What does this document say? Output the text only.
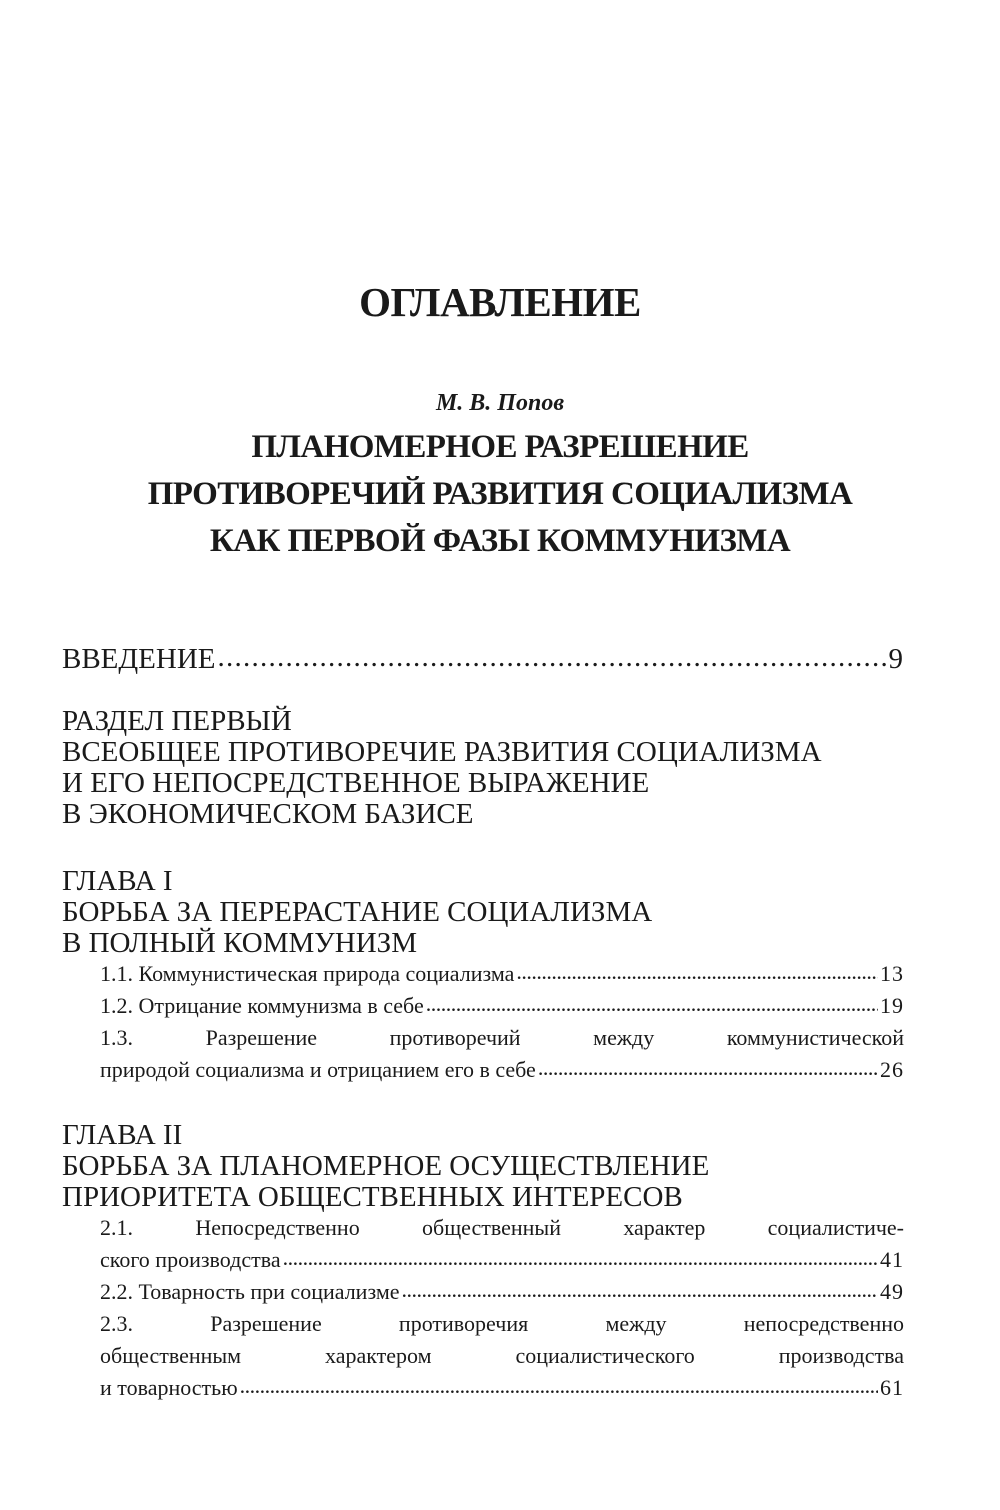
ОГЛАВЛЕНИЕ
М. В. Попов
ПЛАНОМЕРНОЕ РАЗРЕШЕНИЕ
ПРОТИВОРЕЧИЙ РАЗВИТИЯ СОЦИАЛИЗМА
КАК ПЕРВОЙ ФАЗЫ КОММУНИЗМА
ВВЕДЕНИЕ . . .	9
РАЗДЕЛ ПЕРВЫЙ
ВСЕОБЩЕЕ ПРОТИВОРЕЧИЕ РАЗВИТИЯ СОЦИАЛИЗМА
И ЕГО НЕПОСРЕДСТВЕННОЕ ВЫРАЖЕНИЕ
В ЭКОНОМИЧЕСКОМ БАЗИСЕ
ГЛАВА I
БОРЬБА ЗА ПЕРЕРАСТАНИЕ СОЦИАЛИЗМА
В ПОЛНЫЙ КОММУНИЗМ
1.1. Коммунистическая природа социализма . . .	13
1.2. Отрицание коммунизма в себе . . .	19
1.3. Разрешение противоречий между коммунистической
природой социализма и отрицанием его в себе . . .	26
ГЛАВА II
БОРЬБА ЗА ПЛАНОМЕРНОЕ ОСУЩЕСТВЛЕНИЕ
ПРИОРИТЕТА ОБЩЕСТВЕННЫХ ИНТЕРЕСОВ
2.1. Непосредственно общественный характер социалистиче-
ского производства . . .	41
2.2. Товарность при социализме . . .	49
2.3. Разрешение противоречия между непосредственно
общественным характером социалистического производства
и товарностью . . .	61
